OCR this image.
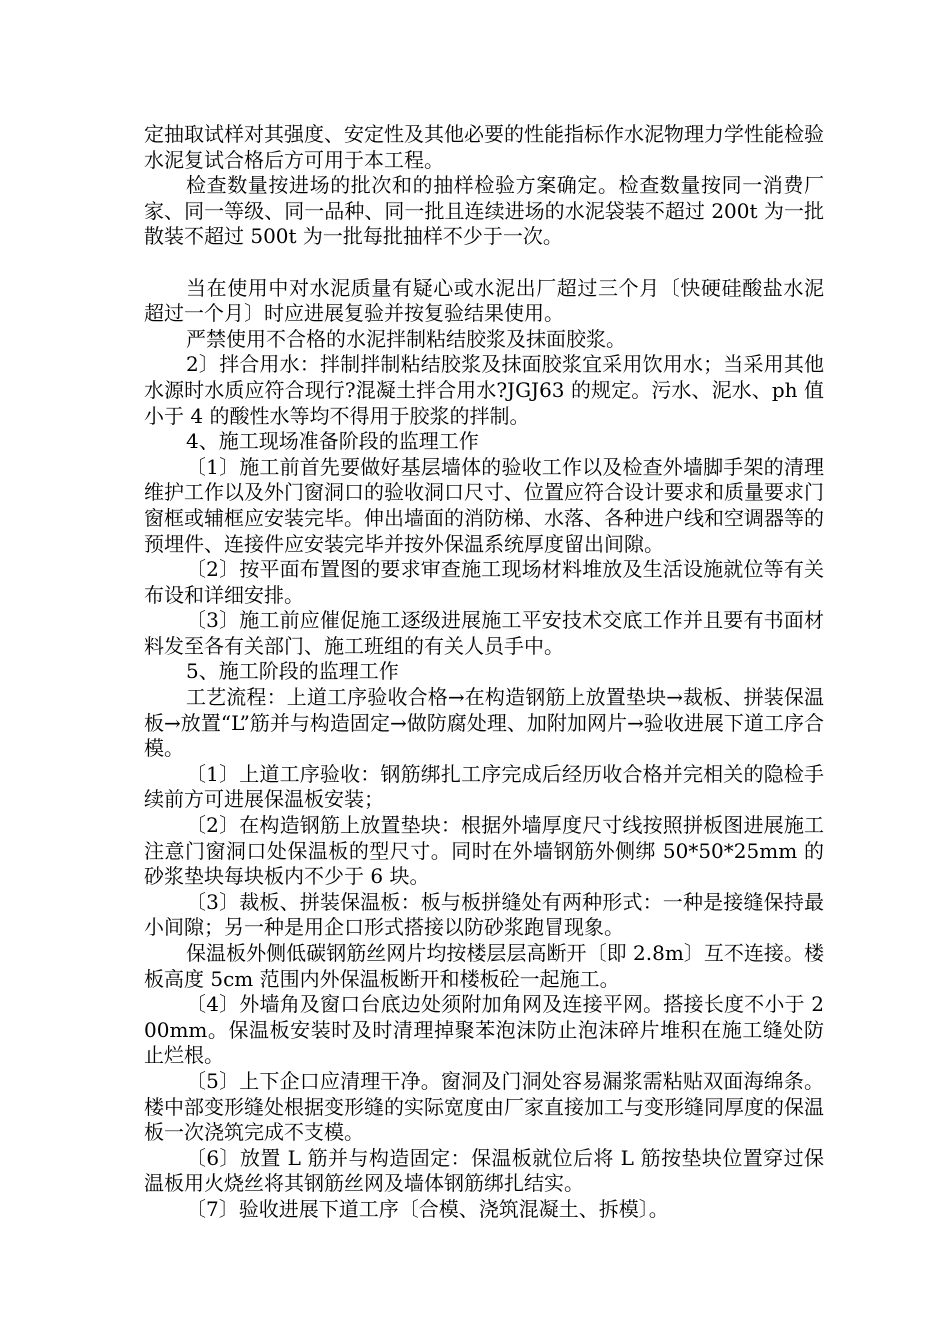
定抽取试样对其强度、安定性及其他必要的性能指标作水泥物理力学性能检验水泥复试合格后方可用于本工程。

检查数量按进场的批次和的抽样检验方案确定。检查数量按同一消费厂家、同一等级、同一品种、同一批且连续进场的水泥袋装不超过 200t 为一批散装不超过 500t 为一批每批抽样不少于一次。

当在使用中对水泥质量有疑心或水泥出厂超过三个月〔快硬硅酸盐水泥超过一个月〕时应进展复验并按复验结果使用。

严禁使用不合格的水泥拌制粘结胶浆及抹面胶浆。

2〕拌合用水：拌制拌制粘结胶浆及抹面胶浆宜采用饮用水；当采用其他水源时水质应符合现行?混凝土拌合用水?JGJ63 的规定。污水、泥水、ph 值小于 4 的酸性水等均不得用于胶浆的拌制。

4、施工现场准备阶段的监理工作

〔1〕施工前首先要做好基层墙体的验收工作以及检查外墙脚手架的清理维护工作以及外门窗洞口的验收洞口尺寸、位置应符合设计要求和质量要求门窗框或辅框应安装完毕。伸出墙面的消防梯、水落、各种进户线和空调器等的预埋件、连接件应安装完毕并按外保温系统厚度留出间隙。

〔2〕按平面布置图的要求审查施工现场材料堆放及生活设施就位等有关布设和详细安排。

〔3〕施工前应催促施工逐级进展施工平安技术交底工作并且要有书面材料发至各有关部门、施工班组的有关人员手中。

5、施工阶段的监理工作

工艺流程：上道工序验收合格→在构造钢筋上放置垫块→裁板、拼装保温板→放置“L”筋并与构造固定→做防腐处理、加附加网片→验收进展下道工序合模。

〔1〕上道工序验收：钢筋绑扎工序完成后经历收合格并完相关的隐检手续前方可进展保温板安装；

〔2〕在构造钢筋上放置垫块：根据外墙厚度尺寸线按照拼板图进展施工注意门窗洞口处保温板的型尺寸。同时在外墙钢筋外侧绑 50*50*25mm 的砂浆垫块每块板内不少于 6 块。

〔3〕裁板、拼装保温板：板与板拼缝处有两种形式：一种是接缝保持最小间隙；另一种是用企口形式搭接以防砂浆跑冒现象。

保温板外侧低碳钢筋丝网片均按楼层层高断开〔即 2.8m〕互不连接。楼板高度 5cm 范围内外保温板断开和楼板砼一起施工。

〔4〕外墙角及窗口台底边处须附加角网及连接平网。搭接长度不小于 200mm。保温板安装时及时清理掉聚苯泡沫防止泡沫碎片堆积在施工缝处防止烂根。

〔5〕上下企口应清理干净。窗洞及门洞处容易漏浆需粘贴双面海绵条。楼中部变形缝处根据变形缝的实际宽度由厂家直接加工与变形缝同厚度的保温板一次浇筑完成不支模。

〔6〕放置 L 筋并与构造固定：保温板就位后将 L 筋按垫块位置穿过保温板用火烧丝将其钢筋丝网及墙体钢筋绑扎结实。

〔7〕验收进展下道工序〔合模、浇筑混凝土、拆模〕。
